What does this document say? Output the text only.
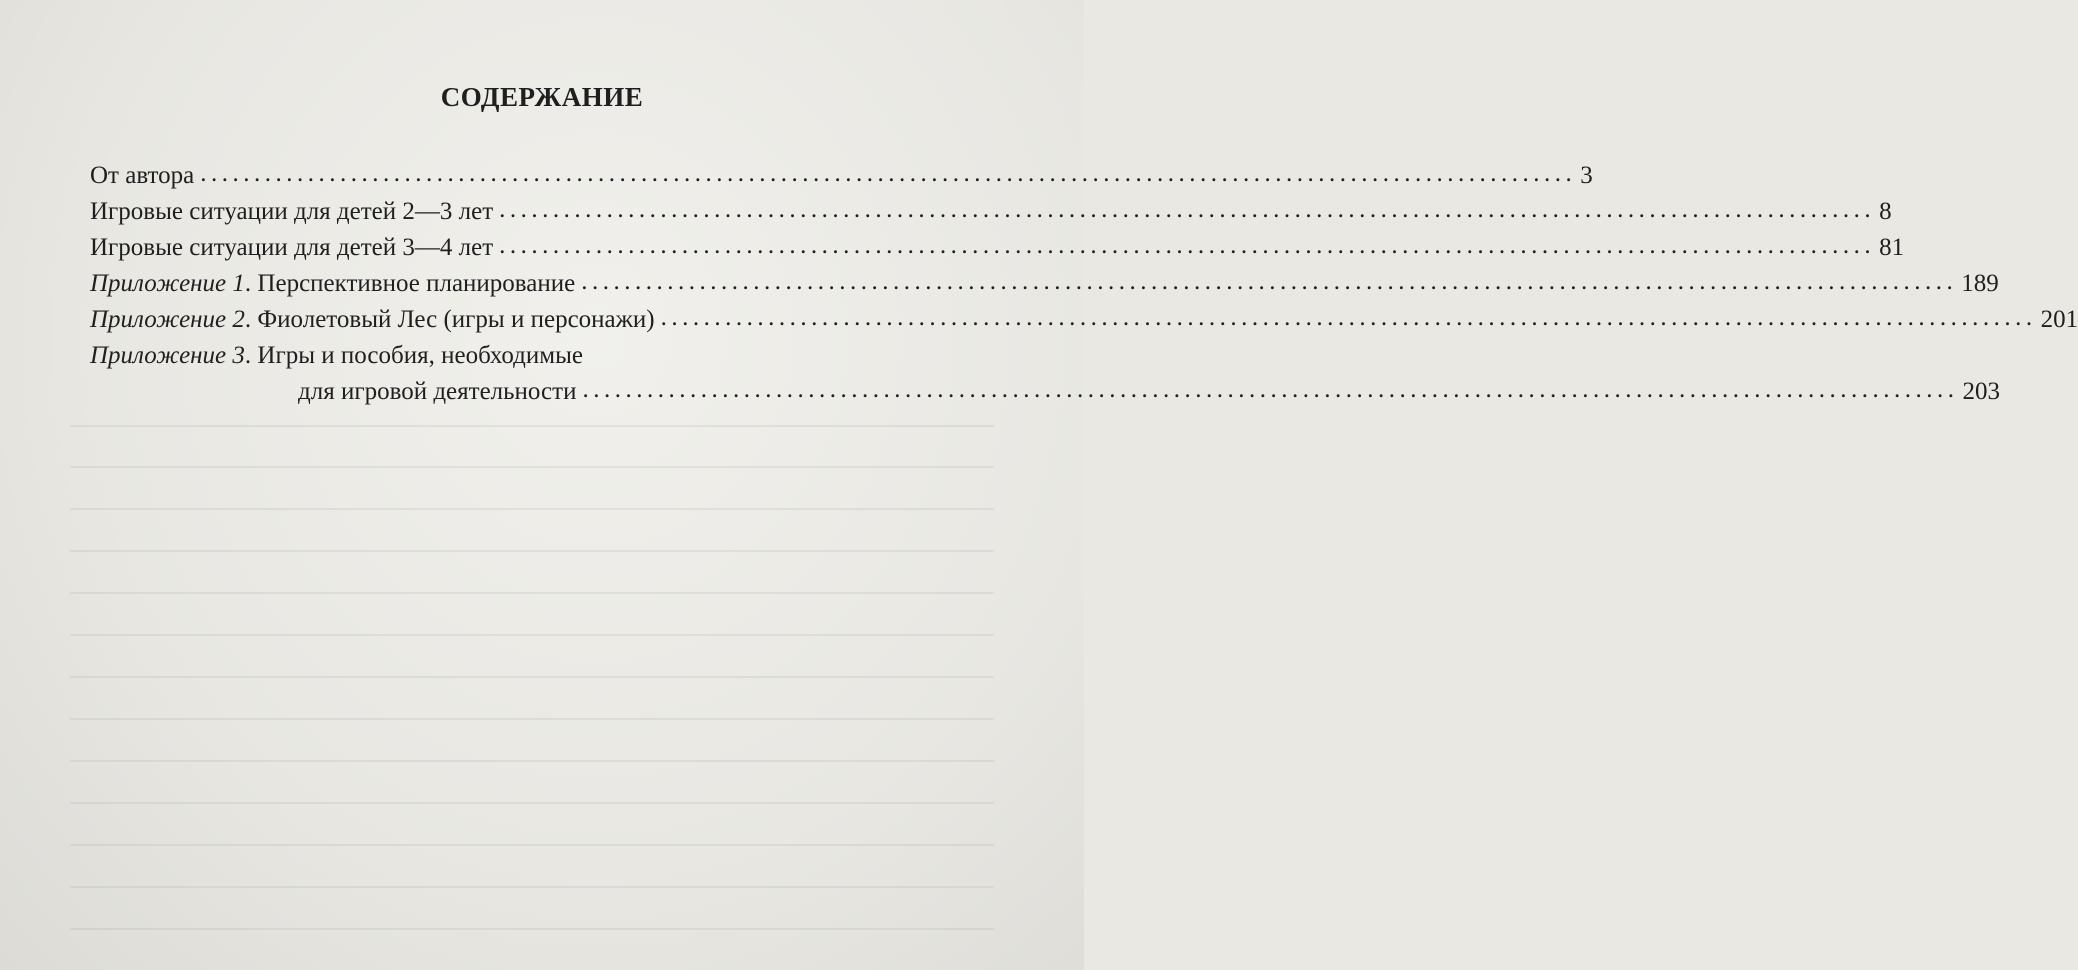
СОДЕРЖАНИЕ
От автора ................................................................................................................................ 3
Игровые ситуации для детей 2—3 лет ................................................................................................................................ 8
Игровые ситуации для детей 3—4 лет ................................................................................................................................ 81
Приложение 1. Перспективное планирование ................................................................................................................................ 189
Приложение 2. Фиолетовый Лес (игры и персонажи) ................................................................................................................................ 201
Приложение 3. Игры и пособия, необходимые
для игровой деятельности ................................................................................................................................ 203
